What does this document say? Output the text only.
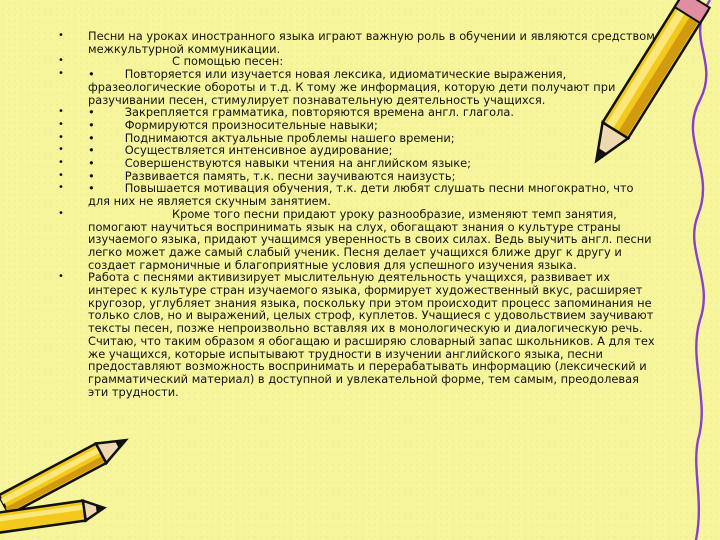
•	Песни на уроках иностранного языка играют важную роль в обучении и являются средством межкультурной коммуникации.
•	С помощью песен:
•	•	Повторяется или изучается новая лексика, идиоматические выражения, фразеологические обороты и т.д. К тому же информация, которую дети получают при разучивании песен, стимулирует познавательную деятельность учащихся.
•	•	Закрепляется грамматика, повторяются времена англ. глагола.
•	•	Формируются произносительные навыки;
•	•	Поднимаются актуальные проблемы нашего времени;
•	•	Осуществляется интенсивное аудирование;
•	•	Совершенствуются навыки чтения на английском языке;
•	•	Развивается память, т.к. песни заучиваются наизусть;
•	•	Повышается мотивация обучения, т.к. дети любят слушать песни многократно, что для них не является скучным занятием.
•	Кроме того песни придают уроку разнообразие, изменяют темп занятия, помогают научиться воспринимать язык на слух, обогащают знания о культуре страны изучаемого языка, придают учащимся уверенность в своих силах. Ведь выучить англ. песни легко может даже самый слабый ученик. Песня делает учащихся ближе друг к другу и создает гармоничные и благоприятные условия для успешного изучения языка.
•	Работа с песнями активизирует мыслительную деятельность учащихся, развивает их интерес к культуре стран изучаемого языка, формирует художественный вкус, расширяет кругозор, углубляет знания языка, поскольку при этом происходит процесс запоминания не только слов, но и выражений, целых строф, куплетов. Учащиеся с удовольствием заучивают тексты песен, позже непроизвольно вставляя их в монологическую и диалогическую речь. Считаю, что таким образом я обогащаю и расширяю словарный запас школьников. А для тех же учащихся, которые испытывают трудности в изучении английского языка, песни предоставляют возможность воспринимать и перерабатывать информацию (лексический и грамматический материал) в доступной и увлекательной форме, тем самым, преодолевая эти трудности.
